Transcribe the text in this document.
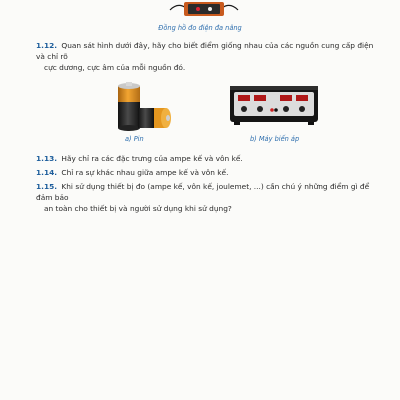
Đồng hồ đo điện đa năng
1.12. Quan sát hình dưới đây, hãy cho biết điểm giống nhau của các nguồn cung cấp điện và chỉ rõ
cực dương, cực âm của mỗi nguồn đó.
a) Pin	b) Máy biến áp
1.13. Hãy chỉ ra các đặc trưng của ampe kế và vôn kế.
1.14. Chỉ ra sự khác nhau giữa ampe kế và vôn kế.
1.15. Khi sử dụng thiết bị đo (ampe kế, vôn kế, joulemet, ...) cần chú ý những điểm gì để đảm bảo
an toàn cho thiết bị và người sử dụng khi sử dụng?
